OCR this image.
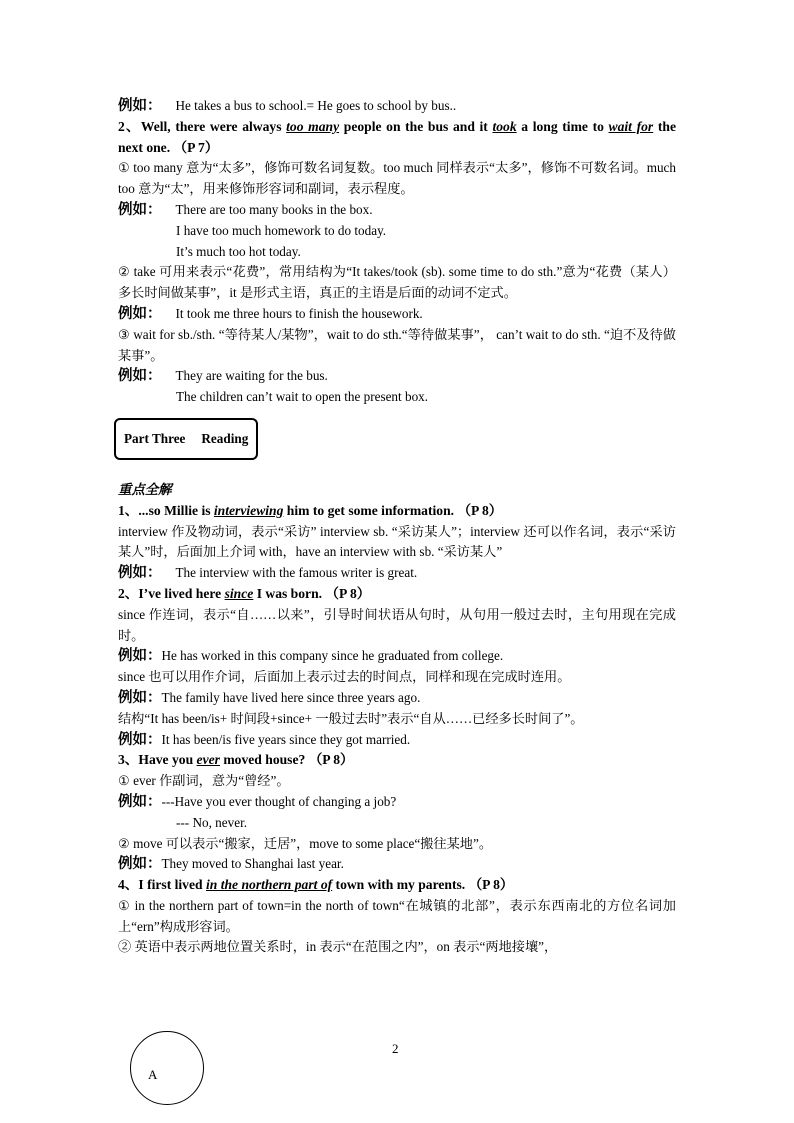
例如： He takes a bus to school.= He goes to school by bus..
2、Well, there were always too many people on the bus and it took a long time to wait for the next one. （P 7）
① too many 意为“太多”，修饰可数名词复数。too much 同样表示“太多”，修饰不可数名词。much too 意为“太”，用来修饰形容词和副词，表示程度。
例如： There are too many books in the box.
I have too much homework to do today.
It’s much too hot today.
② take 可用来表示“花费”，常用结构为“It takes/took (sb). some time to do sth.”意为“花费（某人）多长时间做某事”，it 是形式主语，真正的主语是后面的动词不定式。
例如： It took me three hours to finish the housework.
③ wait for sb./sth. “等待某人/某物”，wait to do sth.“等待做某事”， can’t wait to do sth. “迫不及待做某事”。
例如： They are waiting for the bus.
The children can’t wait to open the present box.
Part Three Reading
重点全解
1、...so Millie is interviewing him to get some information. （P 8）
interview 作及物动词，表示“采访” interview sb. “采访某人”；interview 还可以作名词，表示“采访某人”时，后面加上介词 with，have an interview with sb. “采访某人”
例如： The interview with the famous writer is great.
2、I’ve lived here since I was born. （P 8）
since 作连词，表示“自……以来”，引导时间状语从句时，从句用一般过去时，主句用现在完成时。
例如：He has worked in this company since he graduated from college.
since 也可以用作介词，后面加上表示过去的时间点，同样和现在完成时连用。
例如：The family have lived here since three years ago.
结构“It has been/is+ 时间段+since+ 一般过去时”表示“自从……已经多长时间了”。
例如：It has been/is five years since they got married.
3、Have you ever moved house? （P 8）
① ever 作副词，意为“曾经”。
例如：---Have you ever thought of changing a job?
--- No, never.
② move 可以表示“搬家，迁居”，move to some place“搬往某地”。
例如：They moved to Shanghai last year.
4、I first lived in the northern part of town with my parents. （P 8）
① in the northern part of town=in the north of town“在城镇的北部”，表示东西南北的方位名词加上“ern”构成形容词。
② 英语中表示两地位置关系时，in 表示“在范围之内”，on 表示“两地接壤”，
A
2
